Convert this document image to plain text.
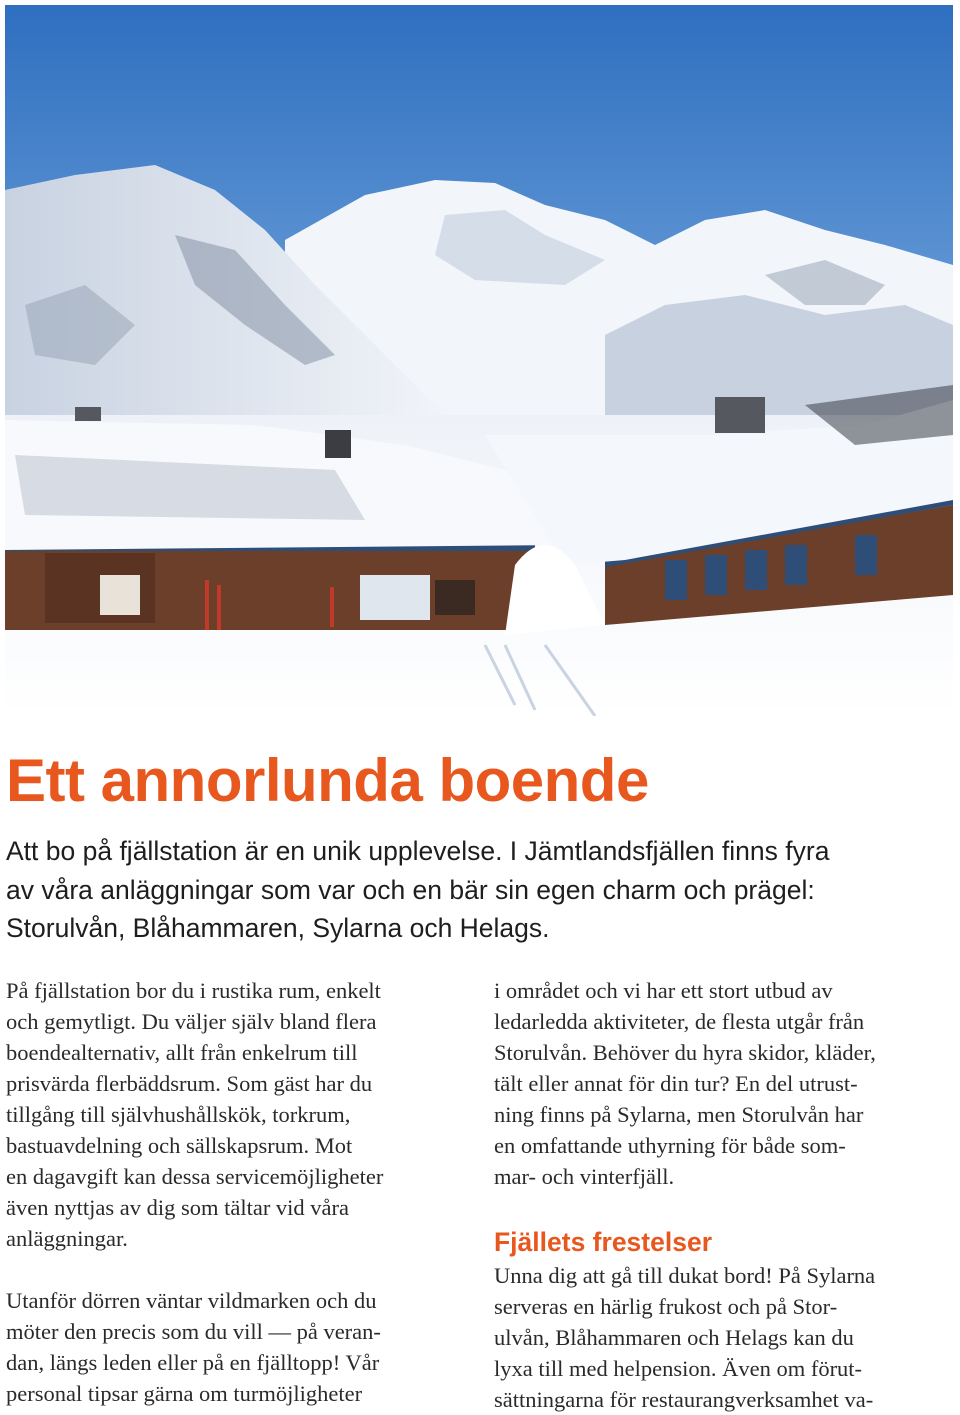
Ett annorlunda boende

Att bo på fjällstation är en unik upplevelse. I Jämtlandsfjällen finns fyra
av våra anläggningar som var och en bär sin egen charm och prägel:
Storulvån, Blåhammaren, Sylarna och Helags.

På fjällstation bor du i rustika rum, enkelt
och gemytligt. Du väljer själv bland flera
boendealternativ, allt från enkelrum till
prisvärda flerbäddsrum. Som gäst har du
tillgång till självhushållskök, torkrum,
bastuavdelning och sällskapsrum. Mot
en dagavgift kan dessa servicemöjligheter
även nyttjas av dig som tältar vid våra
anläggningar.

Utanför dörren väntar vildmarken och du
möter den precis som du vill — på veran-
dan, längs leden eller på en fjälltopp! Vår
personal tipsar gärna om turmöjligheter

i området och vi har ett stort utbud av
ledarledda aktiviteter, de flesta utgår från
Storulvån. Behöver du hyra skidor, kläder,
tält eller annat för din tur? En del utrust-
ning finns på Sylarna, men Storulvån har
en omfattande uthyrning för både som-
mar- och vinterfjäll.

Fjällets frestelser

Unna dig att gå till dukat bord! På Sylarna
serveras en härlig frukost och på Stor-
ulvån, Blåhammaren och Helags kan du
lyxa till med helpension. Även om förut-
sättningarna för restaurangverksamhet va-
